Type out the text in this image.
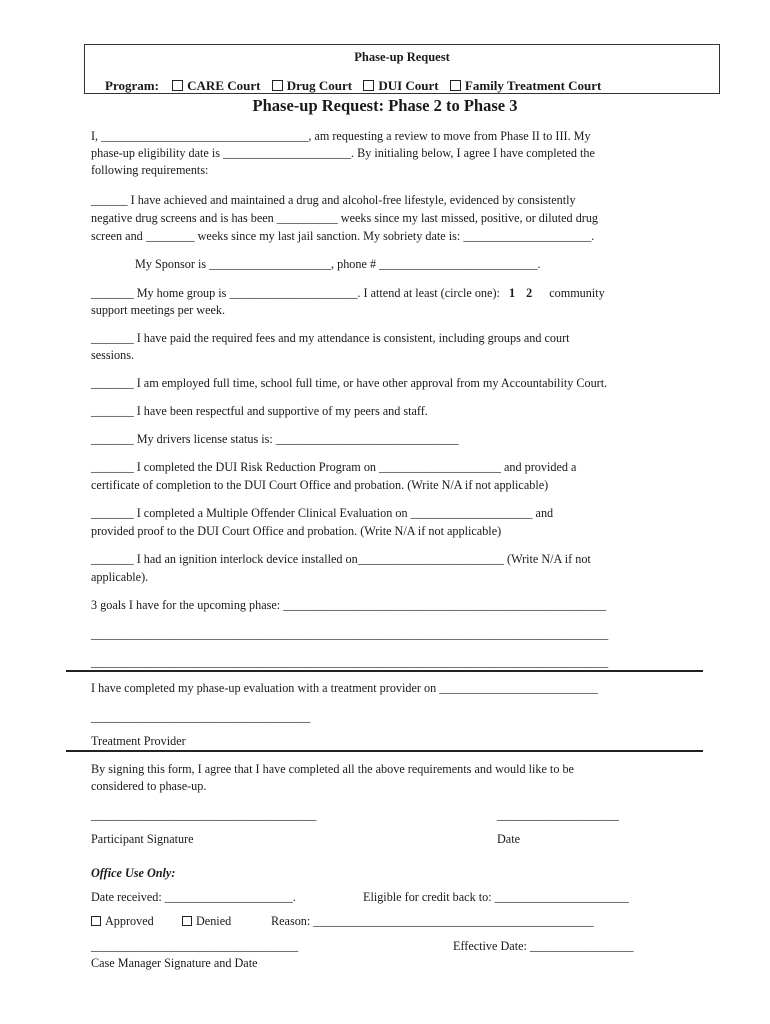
Phase-up Request
Program: CARE Court Drug Court DUI Court Family Treatment Court
Phase-up Request: Phase 2 to Phase 3
I, __________________________________, am requesting a review to move from Phase II to III. My
phase-up eligibility date is _____________________. By initialing below, I agree I have completed the
following requirements:
______ I have achieved and maintained a drug and alcohol-free lifestyle, evidenced by consistently
negative drug screens and is has been __________ weeks since my last missed, positive, or diluted drug
screen and ________ weeks since my last jail sanction. My sobriety date is: _____________________.
My Sponsor is ____________________, phone # __________________________.
_______ My home group is _____________________. I attend at least (circle one): 1 2 community
support meetings per week.
_______ I have paid the required fees and my attendance is consistent, including groups and court
sessions.
_______ I am employed full time, school full time, or have other approval from my Accountability Court.
_______ I have been respectful and supportive of my peers and staff.
_______ My drivers license status is: ______________________________
_______ I completed the DUI Risk Reduction Program on ____________________ and provided a
certificate of completion to the DUI Court Office and probation. (Write N/A if not applicable)
_______ I completed a Multiple Offender Clinical Evaluation on ____________________ and
provided proof to the DUI Court Office and probation. (Write N/A if not applicable)
_______ I had an ignition interlock device installed on________________________ (Write N/A if not
applicable).
3 goals I have for the upcoming phase: _____________________________________________________
_______________________________________________________________________________________
_______________________________________________________________________________________
I have completed my phase-up evaluation with a treatment provider on __________________________
____________________________________
Treatment Provider
By signing this form, I agree that I have completed all the above requirements and would like to be
considered to phase-up.
_____________________________________	____________________
Participant Signature	Date
Office Use Only:
Date received: _____________________.	Eligible for credit back to: ______________________
Approved	Denied	Reason: ______________________________________________
__________________________________	Effective Date: _________________
Case Manager Signature and Date
